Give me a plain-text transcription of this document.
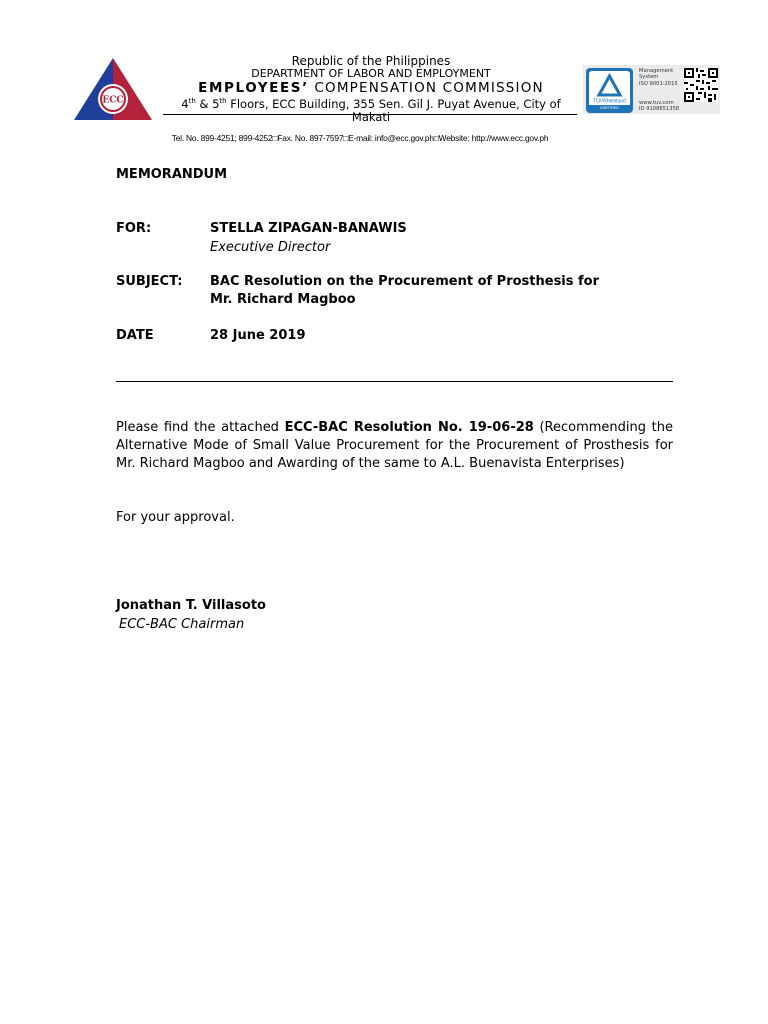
ECC
Republic of the Philippines
DEPARTMENT OF LABOR AND EMPLOYMENT
EMPLOYEES’ COMPENSATION COMMISSION
4th & 5th Floors, ECC Building, 355 Sen. Gil J. Puyat Avenue, City of Makati
Tel. No. 899-4251; 899-4252□Fax. No. 897-7597□E-mail: info@ecc.gov.ph□Website: http://www.ecc.gov.ph
TÜVRheinland
CERTIFIED
Management
System
ISO 9001:2015
www.tuv.com
ID 9108651358
MEMORANDUM
FOR:	STELLA ZIPAGAN-BANAWIS
Executive Director
SUBJECT: BAC Resolution on the Procurement of Prosthesis for
Mr. Richard Magboo
DATE	28 June 2019
Please find the attached ECC-BAC Resolution No. 19-06-28 (Recommending the Alternative Mode of Small Value Procurement for the Procurement of Prosthesis for Mr. Richard Magboo and Awarding of the same to A.L. Buenavista Enterprises)
For your approval.
Jonathan T. Villasoto
ECC-BAC Chairman
